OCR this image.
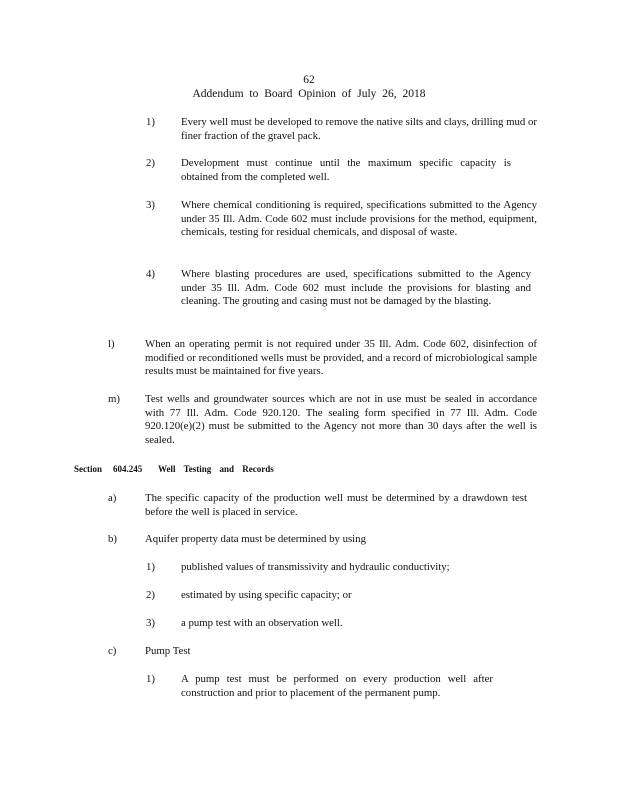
62
Addendum to Board Opinion of July 26, 2018
1) Every well must be developed to remove the native silts and clays, drilling mud or finer fraction of the gravel pack.
2) Development must continue until the maximum specific capacity is obtained from the completed well.
3) Where chemical conditioning is required, specifications submitted to the Agency under 35 Ill. Adm. Code 602 must include provisions for the method, equipment, chemicals, testing for residual chemicals, and disposal of waste.
4) Where blasting procedures are used, specifications submitted to the Agency under 35 Ill. Adm. Code 602 must include the provisions for blasting and cleaning. The grouting and casing must not be damaged by the blasting.
l)	When an operating permit is not required under 35 Ill. Adm. Code 602, disinfection of modified or reconditioned wells must be provided, and a record of microbiological sample results must be maintained for five years.
m) Test wells and groundwater sources which are not in use must be sealed in accordance with 77 Ill. Adm. Code 920.120. The sealing form specified in 77 Ill. Adm. Code 920.120(e)(2) must be submitted to the Agency not more than 30 days after the well is sealed.
Section 604.245 Well Testing and Records
a)	The specific capacity of the production well must be determined by a drawdown test before the well is placed in service.
b)	Aquifer property data must be determined by using
1) published values of transmissivity and hydraulic conductivity;
2) estimated by using specific capacity; or
3) a pump test with an observation well.
c)	Pump Test
1) A pump test must be performed on every production well after construction and prior to placement of the permanent pump.
